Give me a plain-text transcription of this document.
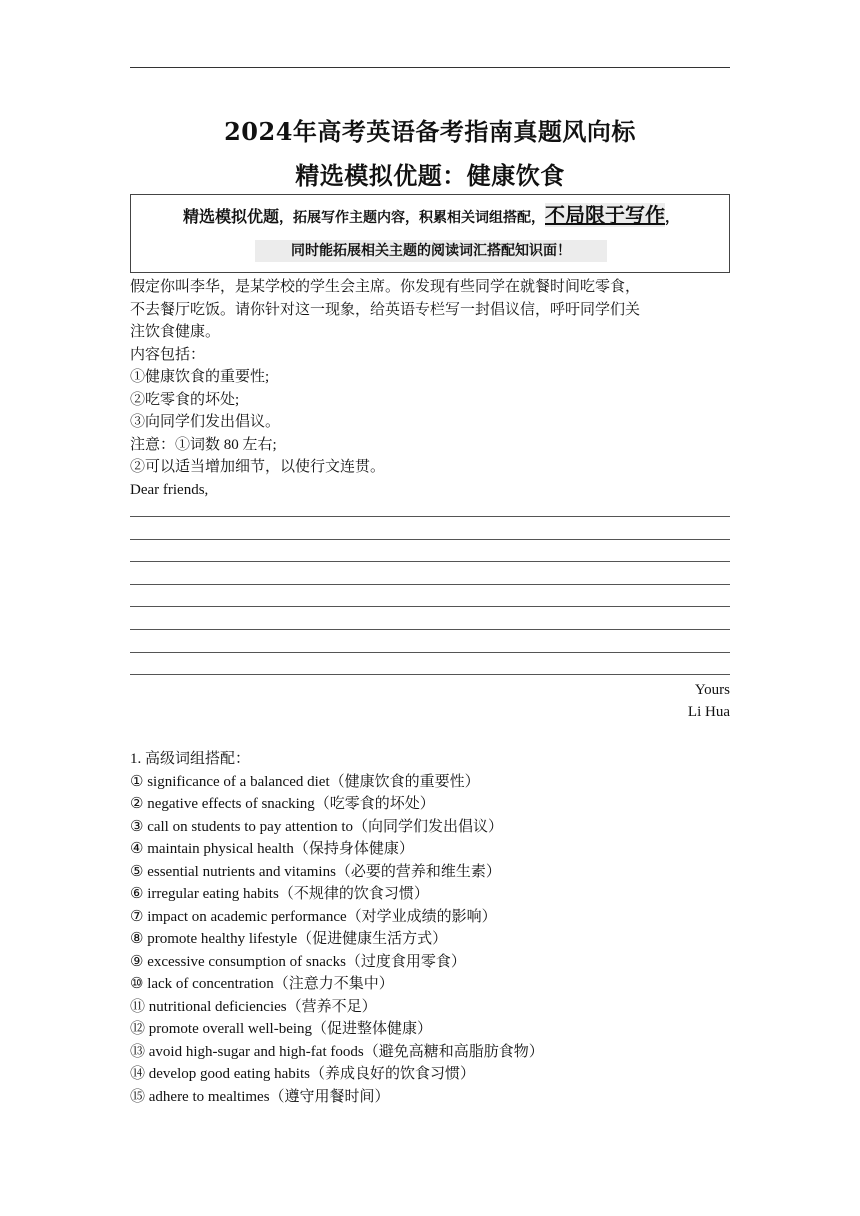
2024年高考英语备考指南真题风向标
精选模拟优题：健康饮食
精选模拟优题，拓展写作主题内容，积累相关词组搭配，不局限于写作，
同时能拓展相关主题的阅读词汇搭配知识面！
假定你叫李华，是某学校的学生会主席。你发现有些同学在就餐时间吃零食，
不去餐厅吃饭。请你针对这一现象，给英语专栏写一封倡议信，呼吁同学们关
注饮食健康。
内容包括：
①健康饮食的重要性;
②吃零食的坏处;
③向同学们发出倡议。
注意：①词数 80 左右;
②可以适当增加细节，以使行文连贯。
Dear friends,
Yours
Li Hua
1. 高级词组搭配：
① significance of a balanced diet（健康饮食的重要性）
② negative effects of snacking（吃零食的坏处）
③ call on students to pay attention to（向同学们发出倡议）
④ maintain physical health（保持身体健康）
⑤ essential nutrients and vitamins（必要的营养和维生素）
⑥ irregular eating habits（不规律的饮食习惯）
⑦ impact on academic performance（对学业成绩的影响）
⑧ promote healthy lifestyle（促进健康生活方式）
⑨ excessive consumption of snacks（过度食用零食）
⑩ lack of concentration（注意力不集中）
⑪ nutritional deficiencies（营养不足）
⑫ promote overall well-being（促进整体健康）
⑬ avoid high-sugar and high-fat foods（避免高糖和高脂肪食物）
⑭ develop good eating habits（养成良好的饮食习惯）
⑮ adhere to mealtimes（遵守用餐时间）
